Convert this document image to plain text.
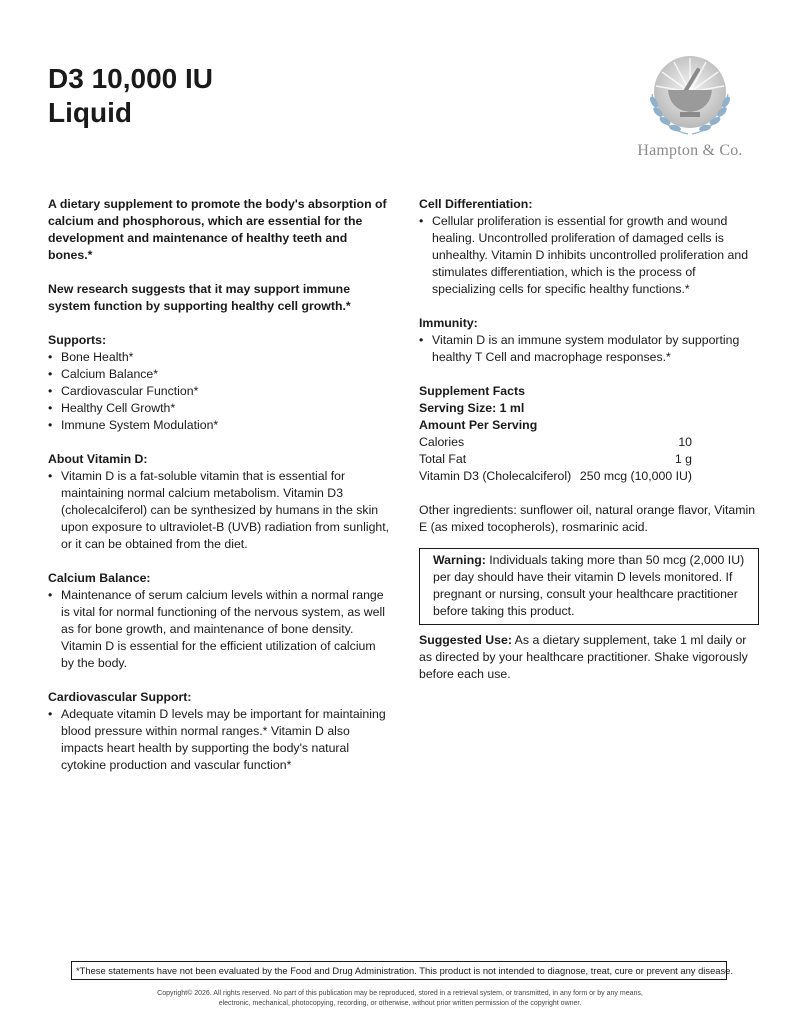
D3 10,000 IU
Liquid
Hampton & Co.

A dietary supplement to promote the body's absorption of calcium and phosphorous, which are essential for the development and maintenance of healthy teeth and bones.*

New research suggests that it may support immune system function by supporting healthy cell growth.*

Supports:

• Bone Health*
• Calcium Balance*
• Cardiovascular Function*
• Healthy Cell Growth*
• Immune System Modulation*

About Vitamin D:

• Vitamin D is a fat-soluble vitamin that is essential for maintaining normal calcium metabolism. Vitamin D3 (cholecalciferol) can be synthesized by humans in the skin upon exposure to ultraviolet-B (UVB) radiation from sunlight, or it can be obtained from the diet.

Calcium Balance:

• Maintenance of serum calcium levels within a normal range is vital for normal functioning of the nervous system, as well as for bone growth, and maintenance of bone density. Vitamin D is essential for the efficient utilization of calcium by the body.

Cardiovascular Support:

• Adequate vitamin D levels may be important for maintaining blood pressure within normal ranges.* Vitamin D also impacts heart health by supporting the body's natural cytokine production and vascular function*

Cell Differentiation:

• Cellular proliferation is essential for growth and wound healing. Uncontrolled proliferation of damaged cells is unhealthy. Vitamin D inhibits uncontrolled proliferation and stimulates differentiation, which is the process of specializing cells for specific healthy functions.*

Immunity:

• Vitamin D is an immune system modulator by supporting healthy T Cell and macrophage responses.*

Supplement Facts

Serving Size: 1 ml

Amount Per Serving

Calories	10
Total Fat	1 g
Vitamin D3 (Cholecalciferol) 250 mcg (10,000 IU)

Other ingredients: sunflower oil, natural orange flavor, Vitamin E (as mixed tocopherols), rosmarinic acid.

Warning: Individuals taking more than 50 mcg (2,000 IU) per day should have their vitamin D levels monitored. If pregnant or nursing, consult your healthcare practitioner before taking this product.

Suggested Use: As a dietary supplement, take 1 ml daily or as directed by your healthcare practitioner. Shake vigorously before each use.

*These statements have not been evaluated by the Food and Drug Administration. This product is not intended to diagnose, treat, cure or prevent any disease.

Copyright© 2026. All rights reserved. No part of this publication may be reproduced, stored in a retrieval system, or transmitted, in any form or by any means,

electronic, mechanical, photocopying, recording, or otherwise, without prior written permission of the copyright owner.
